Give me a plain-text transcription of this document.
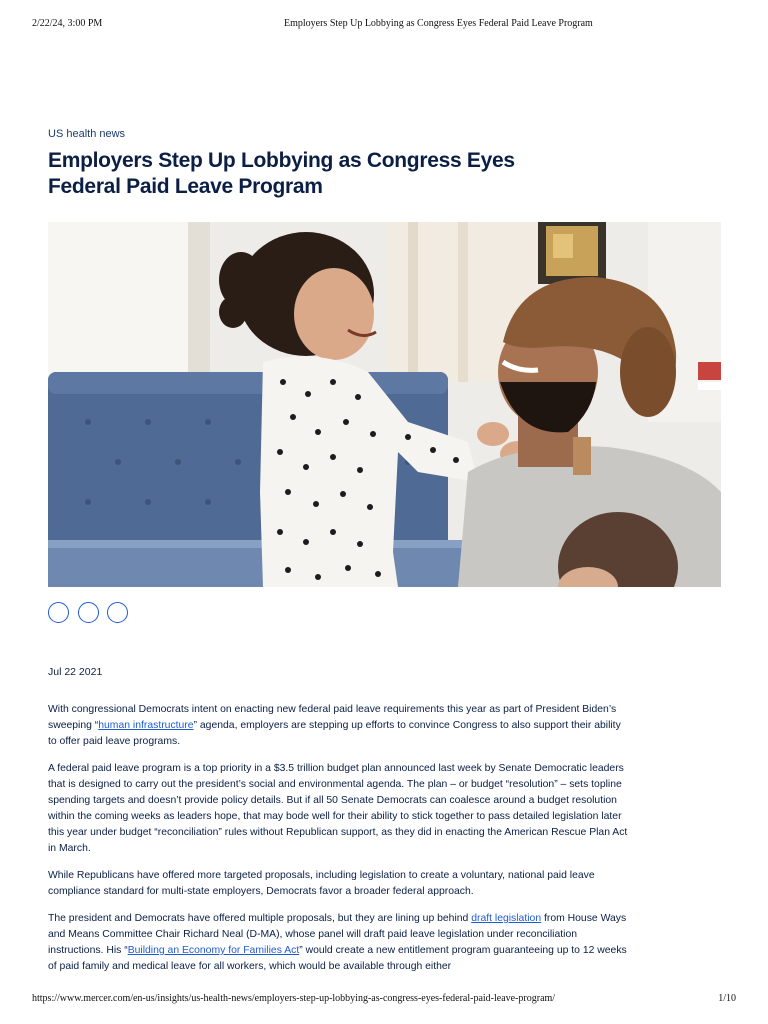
2/22/24, 3:00 PM	Employers Step Up Lobbying as Congress Eyes Federal Paid Leave Program
US health news
Employers Step Up Lobbying as Congress Eyes
Federal Paid Leave Program
Jul 22 2021

With congressional Democrats intent on enacting new federal paid leave requirements this year as part of President Biden’s sweeping “human infrastructure” agenda, employers are stepping up efforts to convince Congress to also support their ability to offer paid leave programs.

A federal paid leave program is a top priority in a $3.5 trillion budget plan announced last week by Senate Democratic leaders that is designed to carry out the president’s social and environmental agenda. The plan – or budget “resolution” – sets topline spending targets and doesn’t provide policy details. But if all 50 Senate Democrats can coalesce around a budget resolution within the coming weeks as leaders hope, that may bode well for their ability to stick together to pass detailed legislation later this year under budget “reconciliation” rules without Republican support, as they did in enacting the American Rescue Plan Act in March.

While Republicans have offered more targeted proposals, including legislation to create a voluntary, national paid leave compliance standard for multi-state employers, Democrats favor a broader federal approach.

The president and Democrats have offered multiple proposals, but they are lining up behind draft legislation from House Ways and Means Committee Chair Richard Neal (D-MA), whose panel will draft paid leave legislation under reconciliation instructions. His “Building an Economy for Families Act” would create a new entitlement program guaranteeing up to 12 weeks of paid family and medical leave for all workers, which would be available through either

https://www.mercer.com/en-us/insights/us-health-news/employers-step-up-lobbying-as-congress-eyes-federal-paid-leave-program/	1/10
